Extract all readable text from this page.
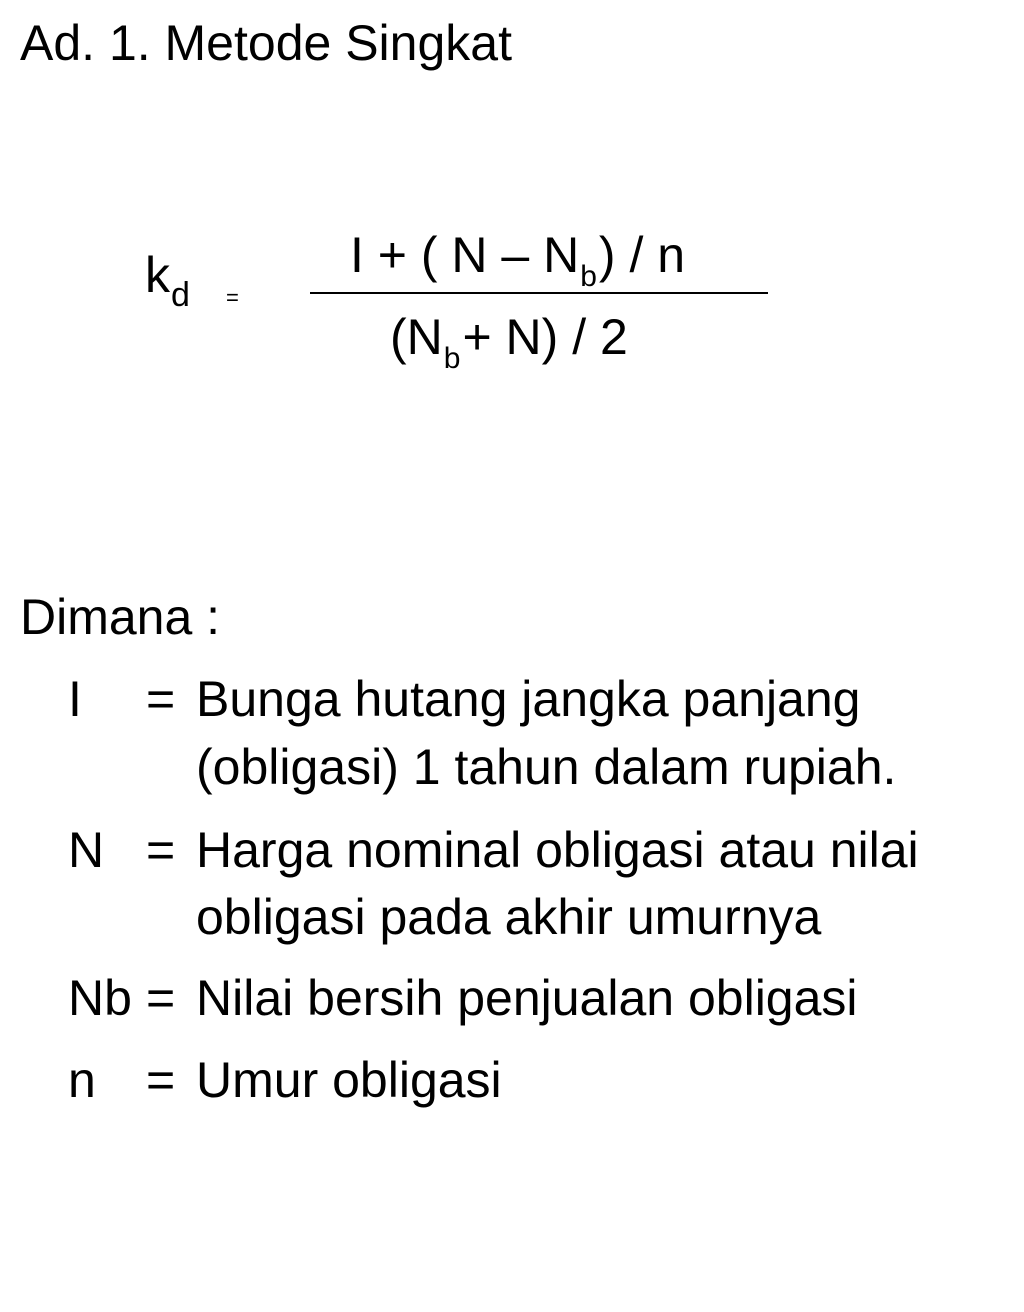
Ad. 1. Metode Singkat
$k_d$ =
I + ( N – $N_b$) / n
$(N_b+ N) / 2$
Dimana :
I = Bunga hutang jangka panjang
(obligasi) 1 tahun dalam rupiah.
N = Harga nominal obligasi atau nilai
obligasi pada akhir umurnya
Nb = Nilai bersih penjualan obligasi
n = Umur obligasi
